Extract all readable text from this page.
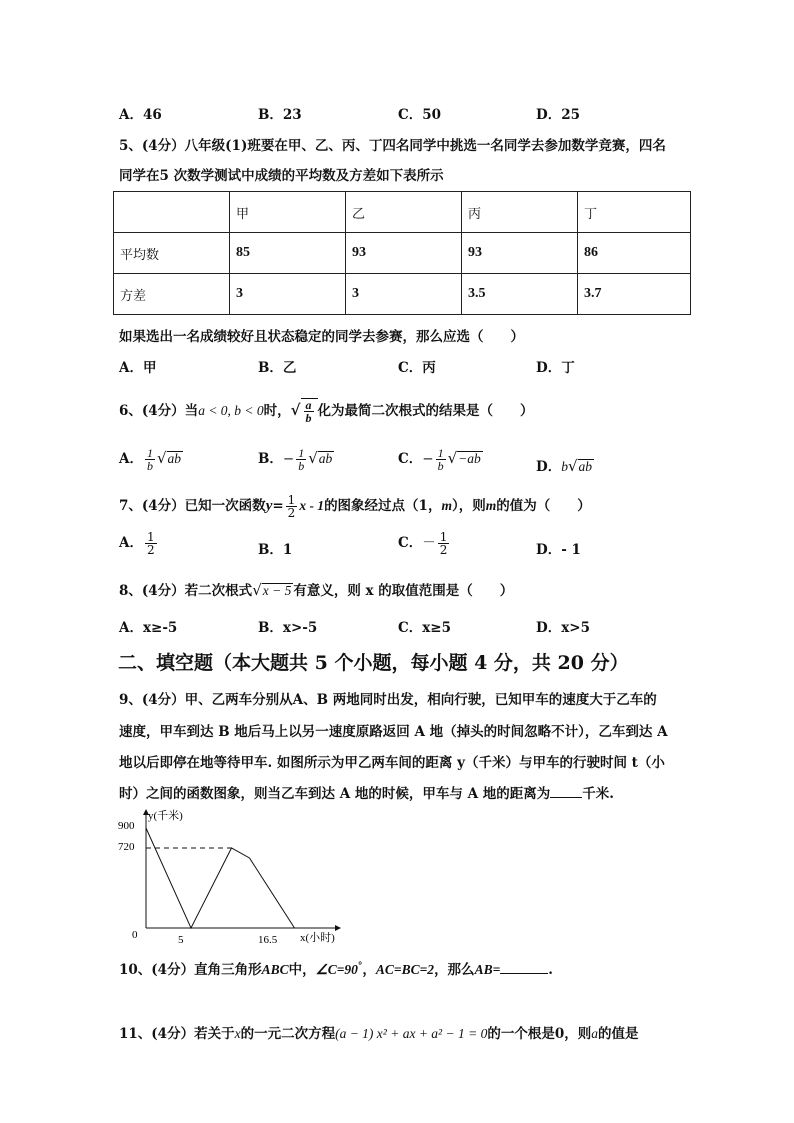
A．46	B．23	C．50	D．25
5、(4分）八年级(1)班要在甲、乙、丙、丁四名同学中挑选一名同学去参加数学竞赛，四名
同学在5 次数学测试中成绩的平均数及方差如下表所示
	甲	乙	丙	丁
平均数	85	93	93	86
方差	3	3	3.5	3.7
如果选出一名成绩较好且状态稳定的同学去参赛，那么应选（　　）
A．甲	B．乙	C．丙	D．丁
6、(4分）当a < 0, b < 0时，√ $\frac{a}{b}$ 化为最简二次根式的结果是（　　）
A． $\frac{1}{b} √ab$	B．− $\frac{1}{b} √ab$	C．− $\frac{1}{b} √-ab$
D．b√ab
7、(4分）已知一次函数$y= \frac{1}{2}$ x - 1的图象经过点（1，m），则m的值为（　　）
A． $\frac{1}{2}$	B．1	C．－ $\frac{1}{2}$	D．- 1
8、(4分）若二次根式√x − 5 有意义，则 x 的取值范围是（　　）
A．x≥-5	B．x>-5	C．x≥5	D．x>5
二、填空题（本大题共 5 个小题，每小题 4 分，共 20 分）
9、(4分）甲、乙两车分别从A、B 两地同时出发，相向行驶，已知甲车的速度大于乙车的
速度，甲车到达 B 地后马上以另一速度原路返回 A 地（掉头的时间忽略不计），乙车到达 A
地以后即停在地等待甲车. 如图所示为甲乙两车间的距离 y（千米）与甲车的行驶时间 t（小
时）之间的函数图象，则当乙车到达 A 地的时候，甲车与 A 地的距离为 千米.
y(千米)
x(小时)
0
900
720
5	16.5
10、(4分）直角三角形ABC中，∠C=90°，AC=BC=2，那么AB=	.
11、(4分）若关于x的一元二次方程(a − 1) x² + ax + a² − 1 = 0的一个根是0，则a的值是
